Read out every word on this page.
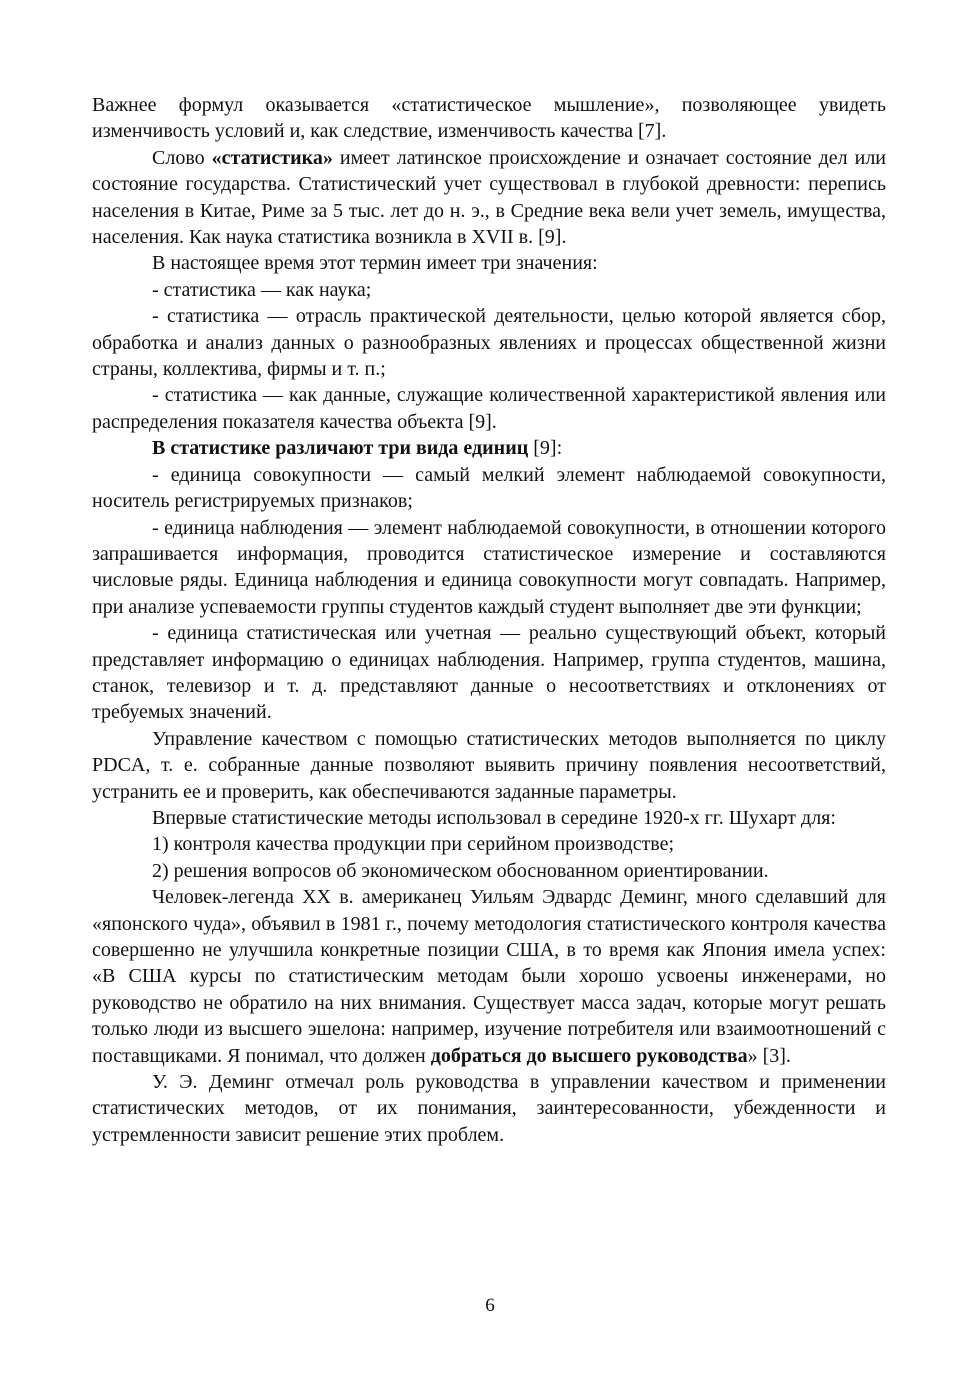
Важнее формул оказывается «статистическое мышление», позволяющее увидеть изменчивость условий и, как следствие, изменчивость качества [7].

Слово «статистика» имеет латинское происхождение и означает состояние дел или состояние государства. Статистический учет существовал в глубокой древности: перепись населения в Китае, Риме за 5 тыс. лет до н. э., в Средние века вели учет земель, имущества, населения. Как наука статистика возникла в XVII в. [9].

В настоящее время этот термин имеет три значения:

- статистика — как наука;

- статистика — отрасль практической деятельности, целью которой является сбор, обработка и анализ данных о разнообразных явлениях и процессах общественной жизни страны, коллектива, фирмы и т. п.;

- статистика — как данные, служащие количественной характеристикой явления или распределения показателя качества объекта [9].

В статистике различают три вида единиц [9]:

- единица совокупности — самый мелкий элемент наблюдаемой совокупности, носитель регистрируемых признаков;

- единица наблюдения — элемент наблюдаемой совокупности, в отношении которого запрашивается информация, проводится статистическое измерение и составляются числовые ряды. Единица наблюдения и единица совокупности могут совпадать. Например, при анализе успеваемости группы студентов каждый студент выполняет две эти функции;

- единица статистическая или учетная — реально существующий объект, который представляет информацию о единицах наблюдения. Например, группа студентов, машина, станок, телевизор и т. д. представляют данные о несоответствиях и отклонениях от требуемых значений.

Управление качеством с помощью статистических методов выполняется по циклу PDCA, т. е. собранные данные позволяют выявить причину появления несоответствий, устранить ее и проверить, как обеспечиваются заданные параметры.

Впервые статистические методы использовал в середине 1920-х гг. Шухарт для:

1) контроля качества продукции при серийном производстве;

2) решения вопросов об экономическом обоснованном ориентировании.

Человек-легенда XX в. американец Уильям Эдвардс Деминг, много сделавший для «японского чуда», объявил в 1981 г., почему методология статистического контроля качества совершенно не улучшила конкретные позиции США, в то время как Япония имела успех: «В США курсы по статистическим методам были хорошо усвоены инженерами, но руководство не обратило на них внимания. Существует масса задач, которые могут решать только люди из высшего эшелона: например, изучение потребителя или взаимоотношений с поставщиками. Я понимал, что должен добраться до высшего руководства» [3].

У. Э. Деминг отмечал роль руководства в управлении качеством и применении статистических методов, от их понимания, заинтересованности, убежденности и устремленности зависит решение этих проблем.

6
